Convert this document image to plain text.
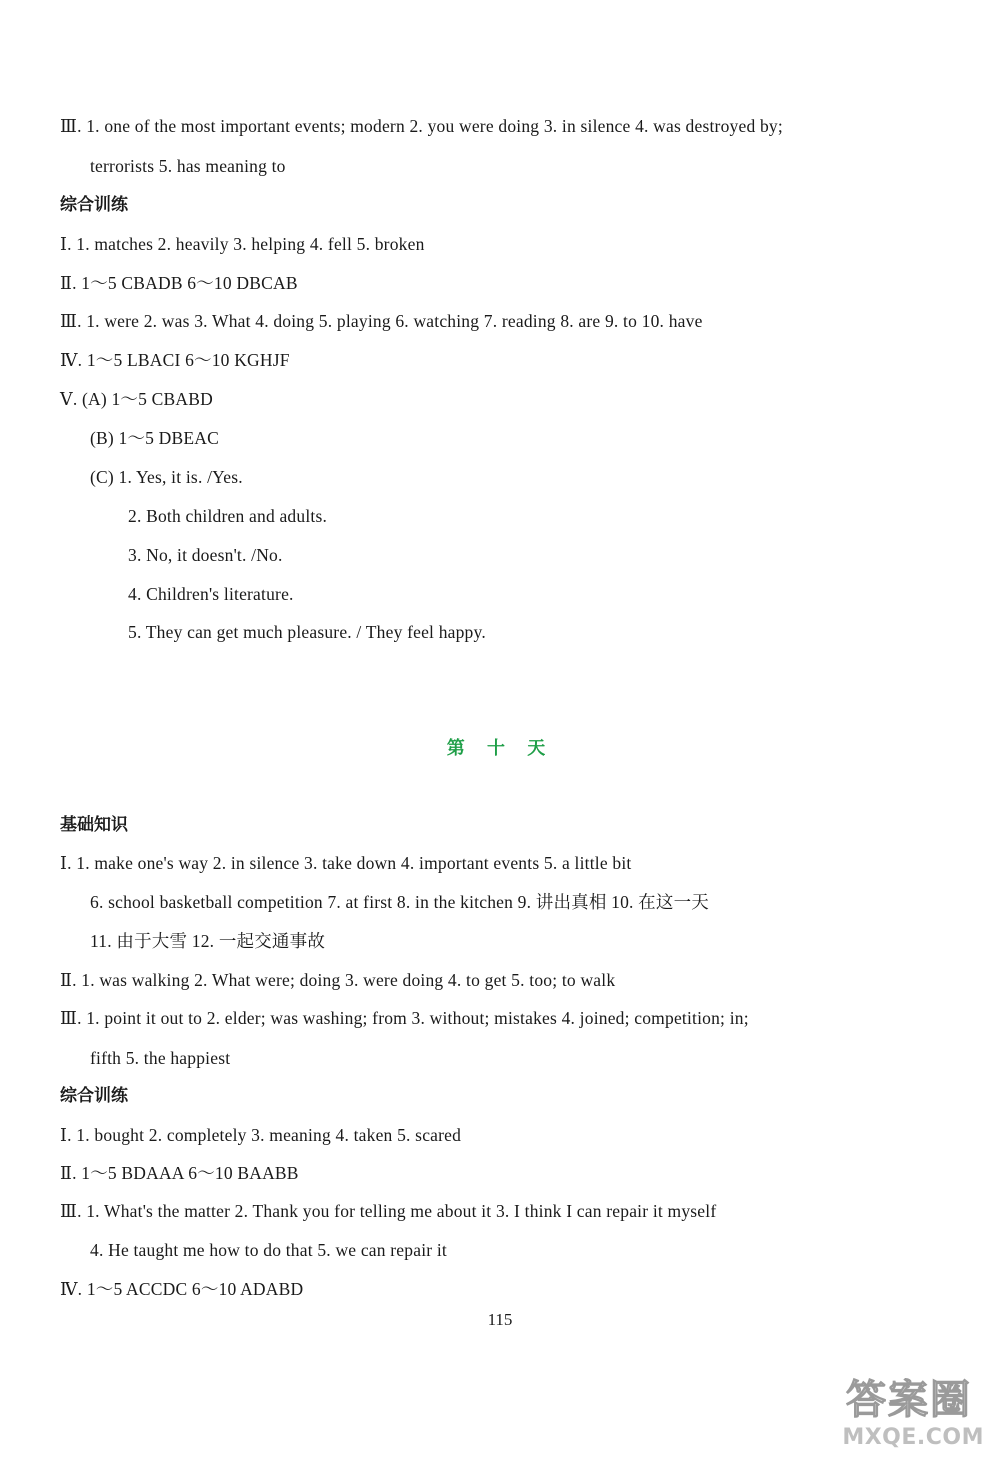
Ⅲ. 1. one of the most important events; modern 2. you were doing 3. in silence 4. was destroyed by;
terrorists 5. has meaning to
综合训练
Ⅰ. 1. matches 2. heavily 3. helping 4. fell 5. broken
Ⅱ. 1～5 CBADB 6～10 DBCAB
Ⅲ. 1. were 2. was 3. What 4. doing 5. playing 6. watching 7. reading 8. are 9. to 10. have
Ⅳ. 1～5 LBACI 6～10 KGHJF
Ⅴ. (A) 1～5 CBABD
(B) 1～5 DBEAC
(C) 1. Yes, it is. /Yes.
2. Both children and adults.
3. No, it doesn't. /No.
4. Children's literature.
5. They can get much pleasure. / They feel happy.
第 十 天
基础知识
Ⅰ. 1. make one's way 2. in silence 3. take down 4. important events 5. a little bit
6. school basketball competition 7. at first 8. in the kitchen 9. 讲出真相 10. 在这一天
11. 由于大雪 12. 一起交通事故
Ⅱ. 1. was walking 2. What were; doing 3. were doing 4. to get 5. too; to walk
Ⅲ. 1. point it out to 2. elder; was washing; from 3. without; mistakes 4. joined; competition; in;
fifth 5. the happiest
综合训练
Ⅰ. 1. bought 2. completely 3. meaning 4. taken 5. scared
Ⅱ. 1～5 BDAAA 6～10 BAABB
Ⅲ. 1. What's the matter 2. Thank you for telling me about it 3. I think I can repair it myself
4. He taught me how to do that 5. we can repair it
Ⅳ. 1～5 ACCDC 6～10 ADABD
115
答案圈
MXQE.COM
